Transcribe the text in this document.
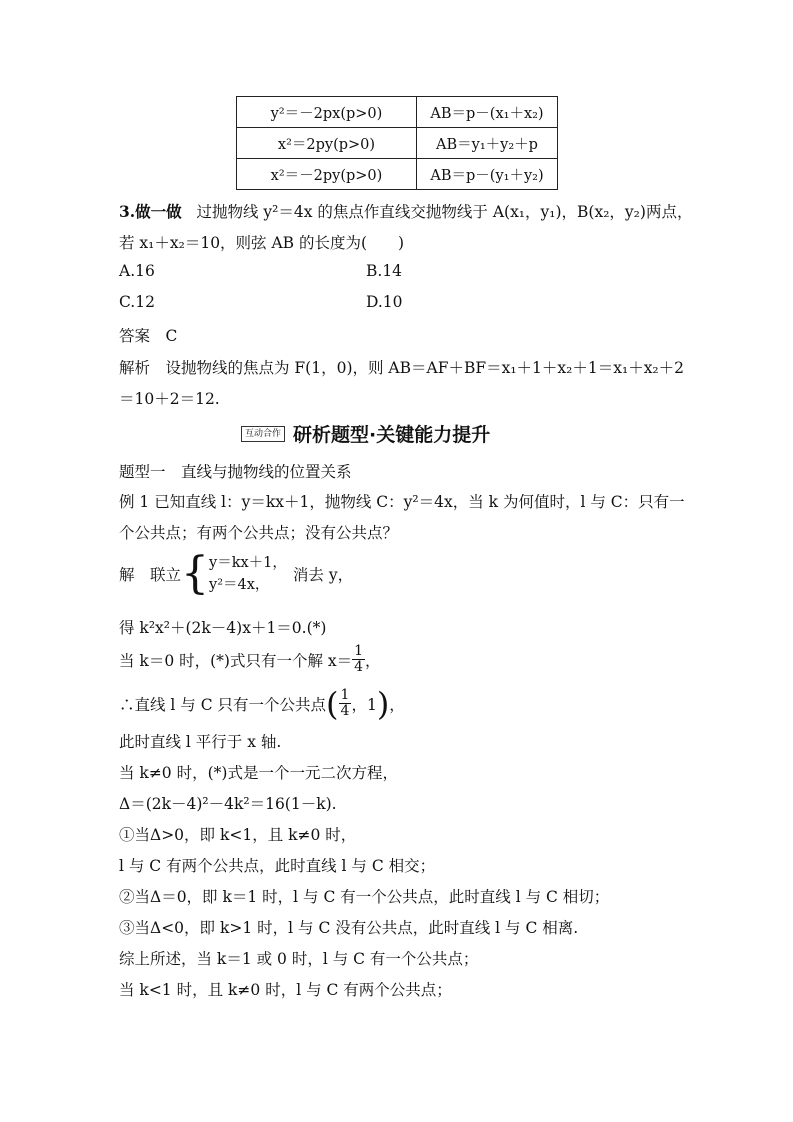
y²＝－2px(p>0)	AB＝p－(x₁＋x₂)
x²＝2py(p>0)	AB＝y₁＋y₂＋p
x²＝－2py(p>0)	AB＝p－(y₁＋y₂)
3.做一做 过抛物线 y²＝4x 的焦点作直线交抛物线于 A(x₁，y₁)，B(x₂，y₂)两点，
若 x₁＋x₂＝10，则弦 AB 的长度为(　　)
A.16	B.14
C.12	D.10
答案　C
解析　设抛物线的焦点为 F(1，0)，则 AB＝AF＋BF＝x₁＋1＋x₂＋1＝x₁＋x₂＋2
＝10＋2＝12.
互动合作 研析题型·关键能力提升
题型一　直线与抛物线的位置关系
例 1 已知直线 l：y＝kx＋1，抛物线 C：y²＝4x，当 k 为何值时，l 与 C：只有一
个公共点；有两个公共点；没有公共点？
解　联立 { y＝kx＋1，
y²＝4x，
消去 y，
得 k²x²＋(2k－4)x＋1＝0.(*)
当 k＝0 时，(*)式只有一个解 $x= \frac{1}{4}$ ，
∴直线 l 与 C 只有一个公共点 ( $\frac{1}{4}$ ，1 ) ，
此时直线 l 平行于 x 轴.
当 k≠0 时，(*)式是一个一元二次方程，
Δ＝(2k－4)²－4k²＝16(1－k).
①当Δ>0，即 k<1，且 k≠0 时，
l 与 C 有两个公共点，此时直线 l 与 C 相交；
②当Δ＝0，即 k＝1 时，l 与 C 有一个公共点，此时直线 l 与 C 相切；
③当Δ<0，即 k>1 时，l 与 C 没有公共点，此时直线 l 与 C 相离.
综上所述，当 k＝1 或 0 时，l 与 C 有一个公共点；
当 k<1 时，且 k≠0 时，l 与 C 有两个公共点；
